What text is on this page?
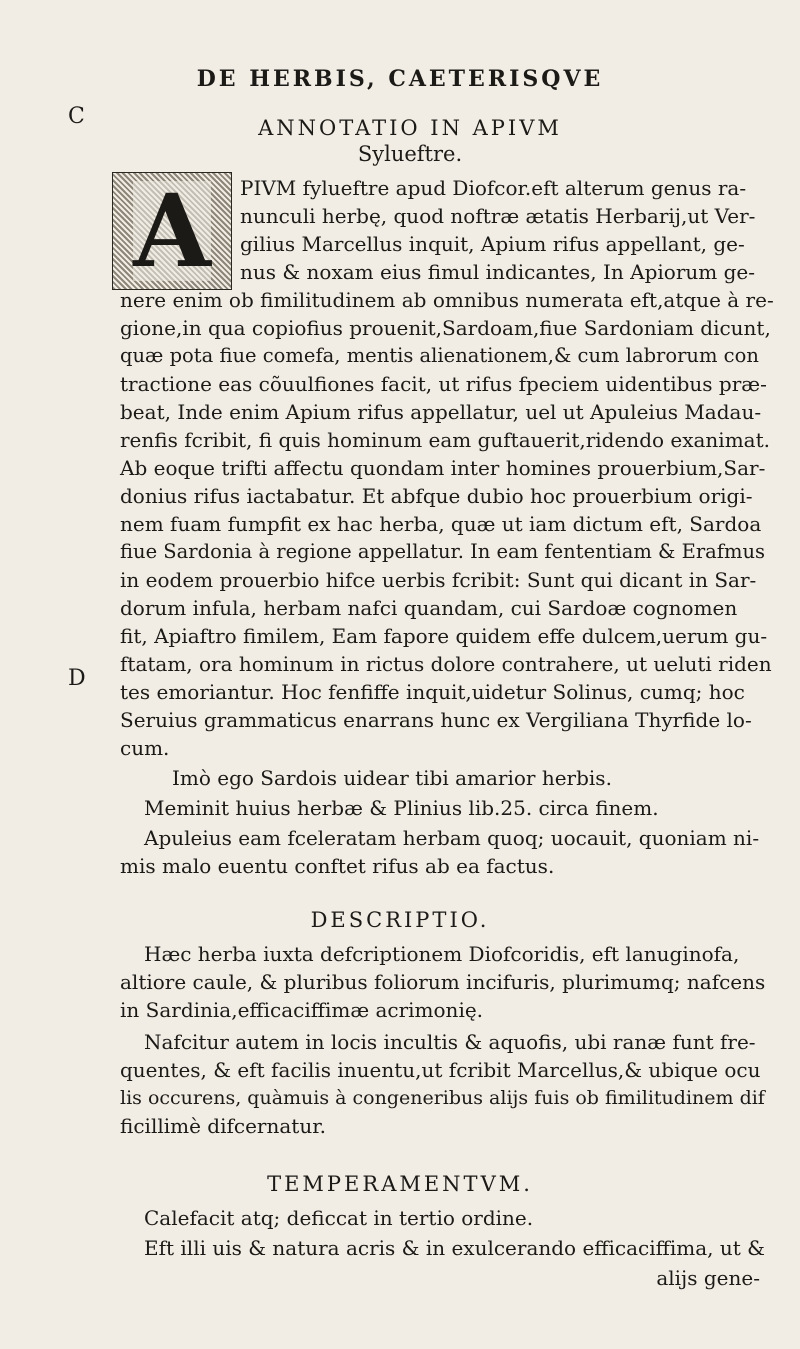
DE HERBIS, CAETERISQVE
C
D
ANNOTATIO IN APIVM
Sylueftre.
A PIVM fylueftre apud Diofcor.eft alterum genus ra-
nunculi herbę, quod noftræ ætatis Herbarij,ut Ver-
gilius Marcellus inquit, Apium rifus appellant, ge-
nus & noxam eius fimul indicantes, In Apiorum ge-
nere enim ob fimilitudinem ab omnibus numerata eft,atque à re-
gione,in qua copiofius prouenit,Sardoam,fiue Sardoniam dicunt,
quæ pota fiue comefa, mentis alienationem,& cum labrorum con
tractione eas cõuulfiones facit, ut rifus fpeciem uidentibus præ-
beat, Inde enim Apium rifus appellatur, uel ut Apuleius Madau-
renfis fcribit, fi quis hominum eam guftauerit,ridendo exanimat.
Ab eoque trifti affectu quondam inter homines prouerbium,Sar-
donius rifus iactabatur. Et abfque dubio hoc prouerbium origi-
nem fuam fumpfit ex hac herba, quæ ut iam dictum eft, Sardoa
fiue Sardonia à regione appellatur. In eam fententiam & Erafmus
in eodem prouerbio hifce uerbis fcribit: Sunt qui dicant in Sar-
dorum infula, herbam nafci quandam, cui Sardoæ cognomen
fit, Apiaftro fimilem, Eam fapore quidem effe dulcem,uerum gu-
ftatam, ora hominum in rictus dolore contrahere, ut ueluti riden
tes emoriantur. Hoc fenfiffe inquit,uidetur Solinus, cumq; hoc
Seruius grammaticus enarrans hunc ex Vergiliana Thyrfide lo-
cum.
Imò ego Sardois uidear tibi amarior herbis.
Meminit huius herbæ & Plinius lib.25. circa finem.
Apuleius eam fceleratam herbam quoq; uocauit, quoniam ni-
mis malo euentu conftet rifus ab ea factus.
DESCRIPTIO.
Hæc herba iuxta defcriptionem Diofcoridis, eft lanuginofa,
altiore caule, & pluribus foliorum incifuris, plurimumq; nafcens
in Sardinia,efficaciffimæ acrimonię.
Nafcitur autem in locis incultis & aquofis, ubi ranæ funt fre-
quentes, & eft facilis inuentu,ut fcribit Marcellus,& ubique ocu
lis occurens, quàmuis à congeneribus alijs fuis ob fimilitudinem dif
ficillimè difcernatur.
TEMPERAMENTVM.
Calefacit atq; deficcat in tertio ordine.
Eft illi uis & natura acris & in exulcerando efficaciffima, ut &
alijs gene-
